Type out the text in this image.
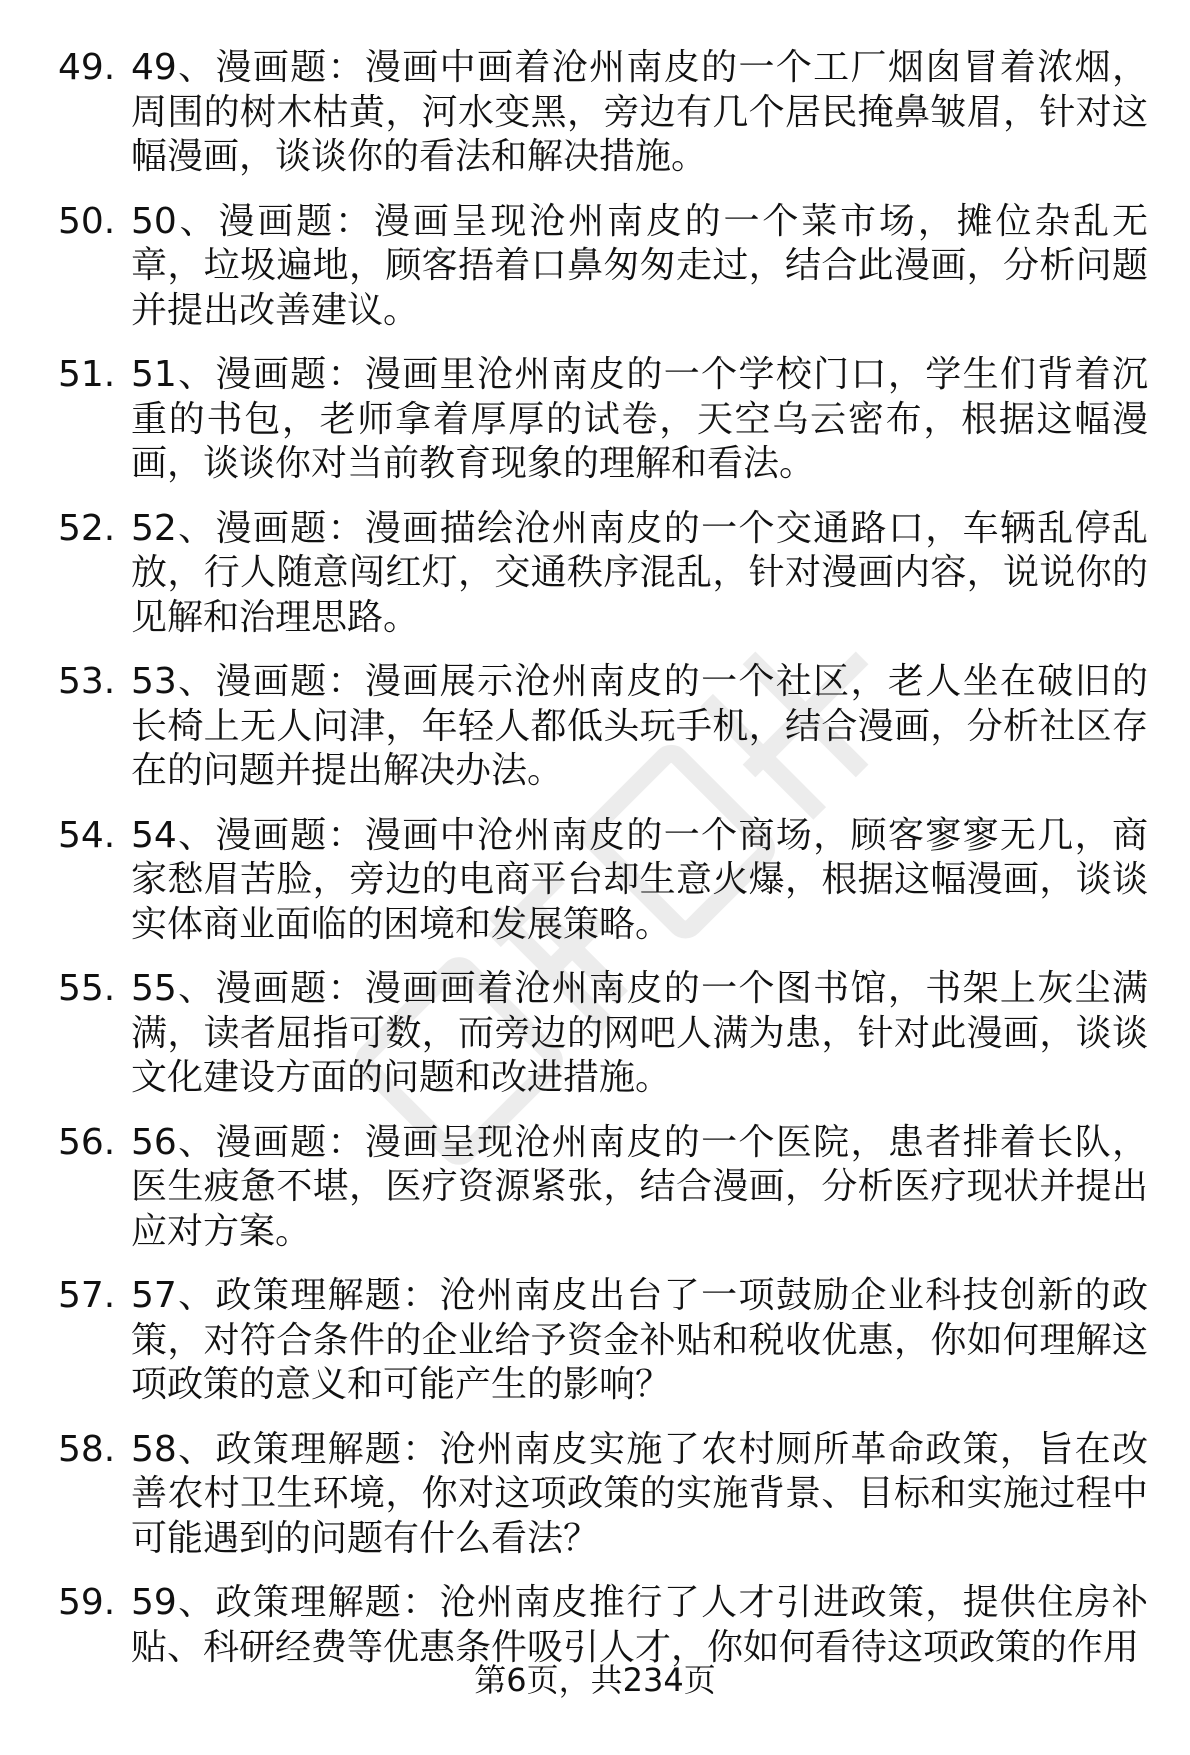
49. 49、漫画题：漫画中画着沧州南皮的一个工厂烟囱冒着浓烟，周围的树木枯黄，河水变黑，旁边有几个居民掩鼻皱眉，针对这幅漫画，谈谈你的看法和解决措施。
50. 50、漫画题：漫画呈现沧州南皮的一个菜市场，摊位杂乱无章，垃圾遍地，顾客捂着口鼻匆匆走过，结合此漫画，分析问题并提出改善建议。
51. 51、漫画题：漫画里沧州南皮的一个学校门口，学生们背着沉重的书包，老师拿着厚厚的试卷，天空乌云密布，根据这幅漫画，谈谈你对当前教育现象的理解和看法。
52. 52、漫画题：漫画描绘沧州南皮的一个交通路口，车辆乱停乱放，行人随意闯红灯，交通秩序混乱，针对漫画内容，说说你的见解和治理思路。
53. 53、漫画题：漫画展示沧州南皮的一个社区，老人坐在破旧的长椅上无人问津，年轻人都低头玩手机，结合漫画，分析社区存在的问题并提出解决办法。
54. 54、漫画题：漫画中沧州南皮的一个商场，顾客寥寥无几，商家愁眉苦脸，旁边的电商平台却生意火爆，根据这幅漫画，谈谈实体商业面临的困境和发展策略。
55. 55、漫画题：漫画画着沧州南皮的一个图书馆，书架上灰尘满满，读者屈指可数，而旁边的网吧人满为患，针对此漫画，谈谈文化建设方面的问题和改进措施。
56. 56、漫画题：漫画呈现沧州南皮的一个医院，患者排着长队，医生疲惫不堪，医疗资源紧张，结合漫画，分析医疗现状并提出应对方案。
57. 57、政策理解题：沧州南皮出台了一项鼓励企业科技创新的政策，对符合条件的企业给予资金补贴和税收优惠，你如何理解这项政策的意义和可能产生的影响？
58. 58、政策理解题：沧州南皮实施了农村厕所革命政策，旨在改善农村卫生环境，你对这项政策的实施背景、目标和实施过程中可能遇到的问题有什么看法？
59. 59、政策理解题：沧州南皮推行了人才引进政策，提供住房补贴、科研经费等优惠条件吸引人才，你如何看待这项政策的作用
第6页，共234页
